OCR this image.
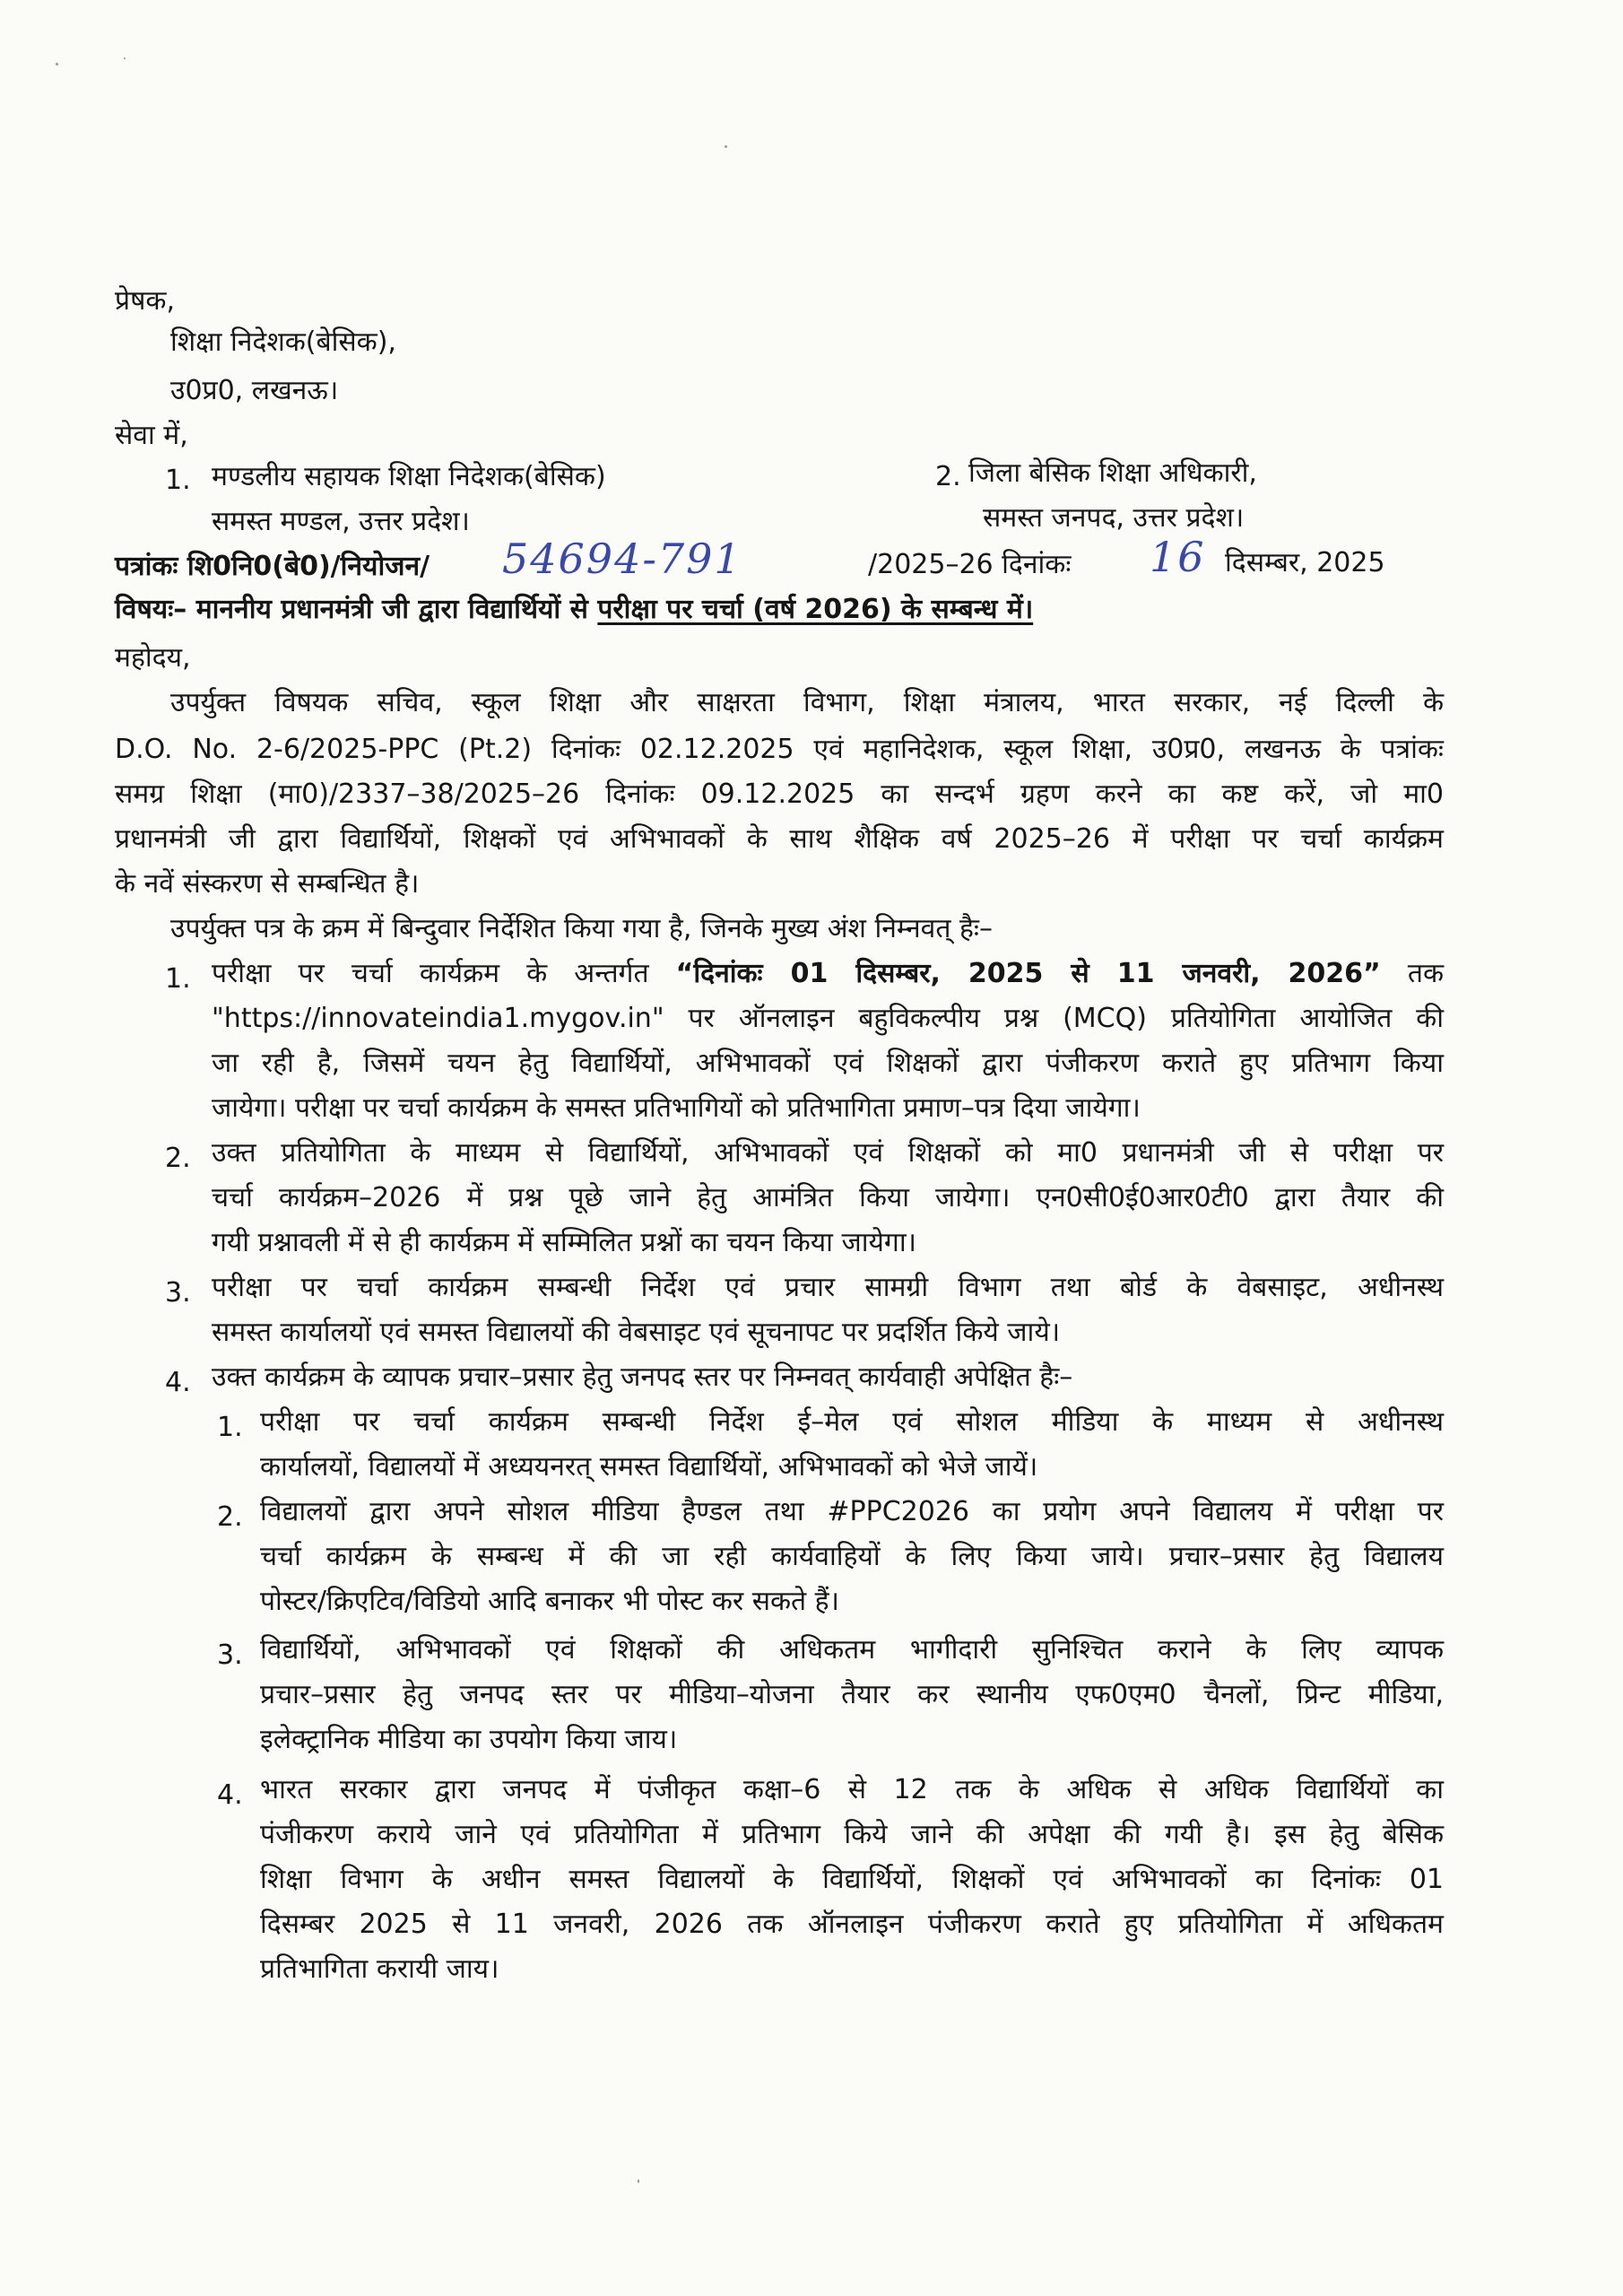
प्रेषक,
शिक्षा निदेशक(बेसिक),
उ0प्र0, लखनऊ।
सेवा में,
1. मण्डलीय सहायक शिक्षा निदेशक(बेसिक)
समस्त मण्डल, उत्तर प्रदेश।
2. जिला बेसिक शिक्षा अधिकारी,
समस्त जनपद, उत्तर प्रदेश।
पत्रांकः शि0नि0(बे0)/नियोजन/	54694-791	/2025–26 दिनांकः 16 दिसम्बर, 2025
विषयः– माननीय प्रधानमंत्री जी द्वारा विद्यार्थियों से परीक्षा पर चर्चा (वर्ष 2026) के सम्बन्ध में।
महोदय,
उपर्युक्त विषयक सचिव, स्कूल शिक्षा और साक्षरता विभाग, शिक्षा मंत्रालय, भारत सरकार, नई दिल्ली के
D.O. No. 2-6/2025-PPC (Pt.2) दिनांकः 02.12.2025 एवं महानिदेशक, स्कूल शिक्षा, उ0प्र0, लखनऊ के पत्रांकः
समग्र शिक्षा (मा0)/2337–38/2025–26 दिनांकः 09.12.2025 का सन्दर्भ ग्रहण करने का कष्ट करें, जो मा0
प्रधानमंत्री जी द्वारा विद्यार्थियों, शिक्षकों एवं अभिभावकों के साथ शैक्षिक वर्ष 2025–26 में परीक्षा पर चर्चा कार्यक्रम
के नवें संस्करण से सम्बन्धित है।
उपर्युक्त पत्र के क्रम में बिन्दुवार निर्देशित किया गया है, जिनके मुख्य अंश निम्नवत् हैः–
1. परीक्षा पर चर्चा कार्यक्रम के अन्तर्गत “दिनांकः 01 दिसम्बर, 2025 से 11 जनवरी, 2026” तक
"https://innovateindia1.mygov.in" पर ऑनलाइन बहुविकल्पीय प्रश्न (MCQ) प्रतियोगिता आयोजित की
जा रही है, जिसमें चयन हेतु विद्यार्थियों, अभिभावकों एवं शिक्षकों द्वारा पंजीकरण कराते हुए प्रतिभाग किया
जायेगा। परीक्षा पर चर्चा कार्यक्रम के समस्त प्रतिभागियों को प्रतिभागिता प्रमाण–पत्र दिया जायेगा।
2. उक्त प्रतियोगिता के माध्यम से विद्यार्थियों, अभिभावकों एवं शिक्षकों को मा0 प्रधानमंत्री जी से परीक्षा पर
चर्चा कार्यक्रम–2026 में प्रश्न पूछे जाने हेतु आमंत्रित किया जायेगा। एन0सी0ई0आर0टी0 द्वारा तैयार की
गयी प्रश्नावली में से ही कार्यक्रम में सम्मिलित प्रश्नों का चयन किया जायेगा।
3. परीक्षा पर चर्चा कार्यक्रम सम्बन्धी निर्देश एवं प्रचार सामग्री विभाग तथा बोर्ड के वेबसाइट, अधीनस्थ
समस्त कार्यालयों एवं समस्त विद्यालयों की वेबसाइट एवं सूचनापट पर प्रदर्शित किये जाये।
4. उक्त कार्यक्रम के व्यापक प्रचार–प्रसार हेतु जनपद स्तर पर निम्नवत् कार्यवाही अपेक्षित हैः–
1. परीक्षा पर चर्चा कार्यक्रम सम्बन्धी निर्देश ई–मेल एवं सोशल मीडिया के माध्यम से अधीनस्थ
कार्यालयों, विद्यालयों में अध्ययनरत् समस्त विद्यार्थियों, अभिभावकों को भेजे जायें।
2. विद्यालयों द्वारा अपने सोशल मीडिया हैण्डल तथा #PPC2026 का प्रयोग अपने विद्यालय में परीक्षा पर
चर्चा कार्यक्रम के सम्बन्ध में की जा रही कार्यवाहियों के लिए किया जाये। प्रचार–प्रसार हेतु विद्यालय
पोस्टर/क्रिएटिव/विडियो आदि बनाकर भी पोस्ट कर सकते हैं।
3. विद्यार्थियों, अभिभावकों एवं शिक्षकों की अधिकतम भागीदारी सुनिश्चित कराने के लिए व्यापक
प्रचार–प्रसार हेतु जनपद स्तर पर मीडिया–योजना तैयार कर स्थानीय एफ0एम0 चैनलों, प्रिन्ट मीडिया,
इलेक्ट्रानिक मीडिया का उपयोग किया जाय।
4. भारत सरकार द्वारा जनपद में पंजीकृत कक्षा–6 से 12 तक के अधिक से अधिक विद्यार्थियों का
पंजीकरण कराये जाने एवं प्रतियोगिता में प्रतिभाग किये जाने की अपेक्षा की गयी है। इस हेतु बेसिक
शिक्षा विभाग के अधीन समस्त विद्यालयों के विद्यार्थियों, शिक्षकों एवं अभिभावकों का दिनांकः 01
दिसम्बर 2025 से 11 जनवरी, 2026 तक ऑनलाइन पंजीकरण कराते हुए प्रतियोगिता में अधिकतम
प्रतिभागिता करायी जाय।
